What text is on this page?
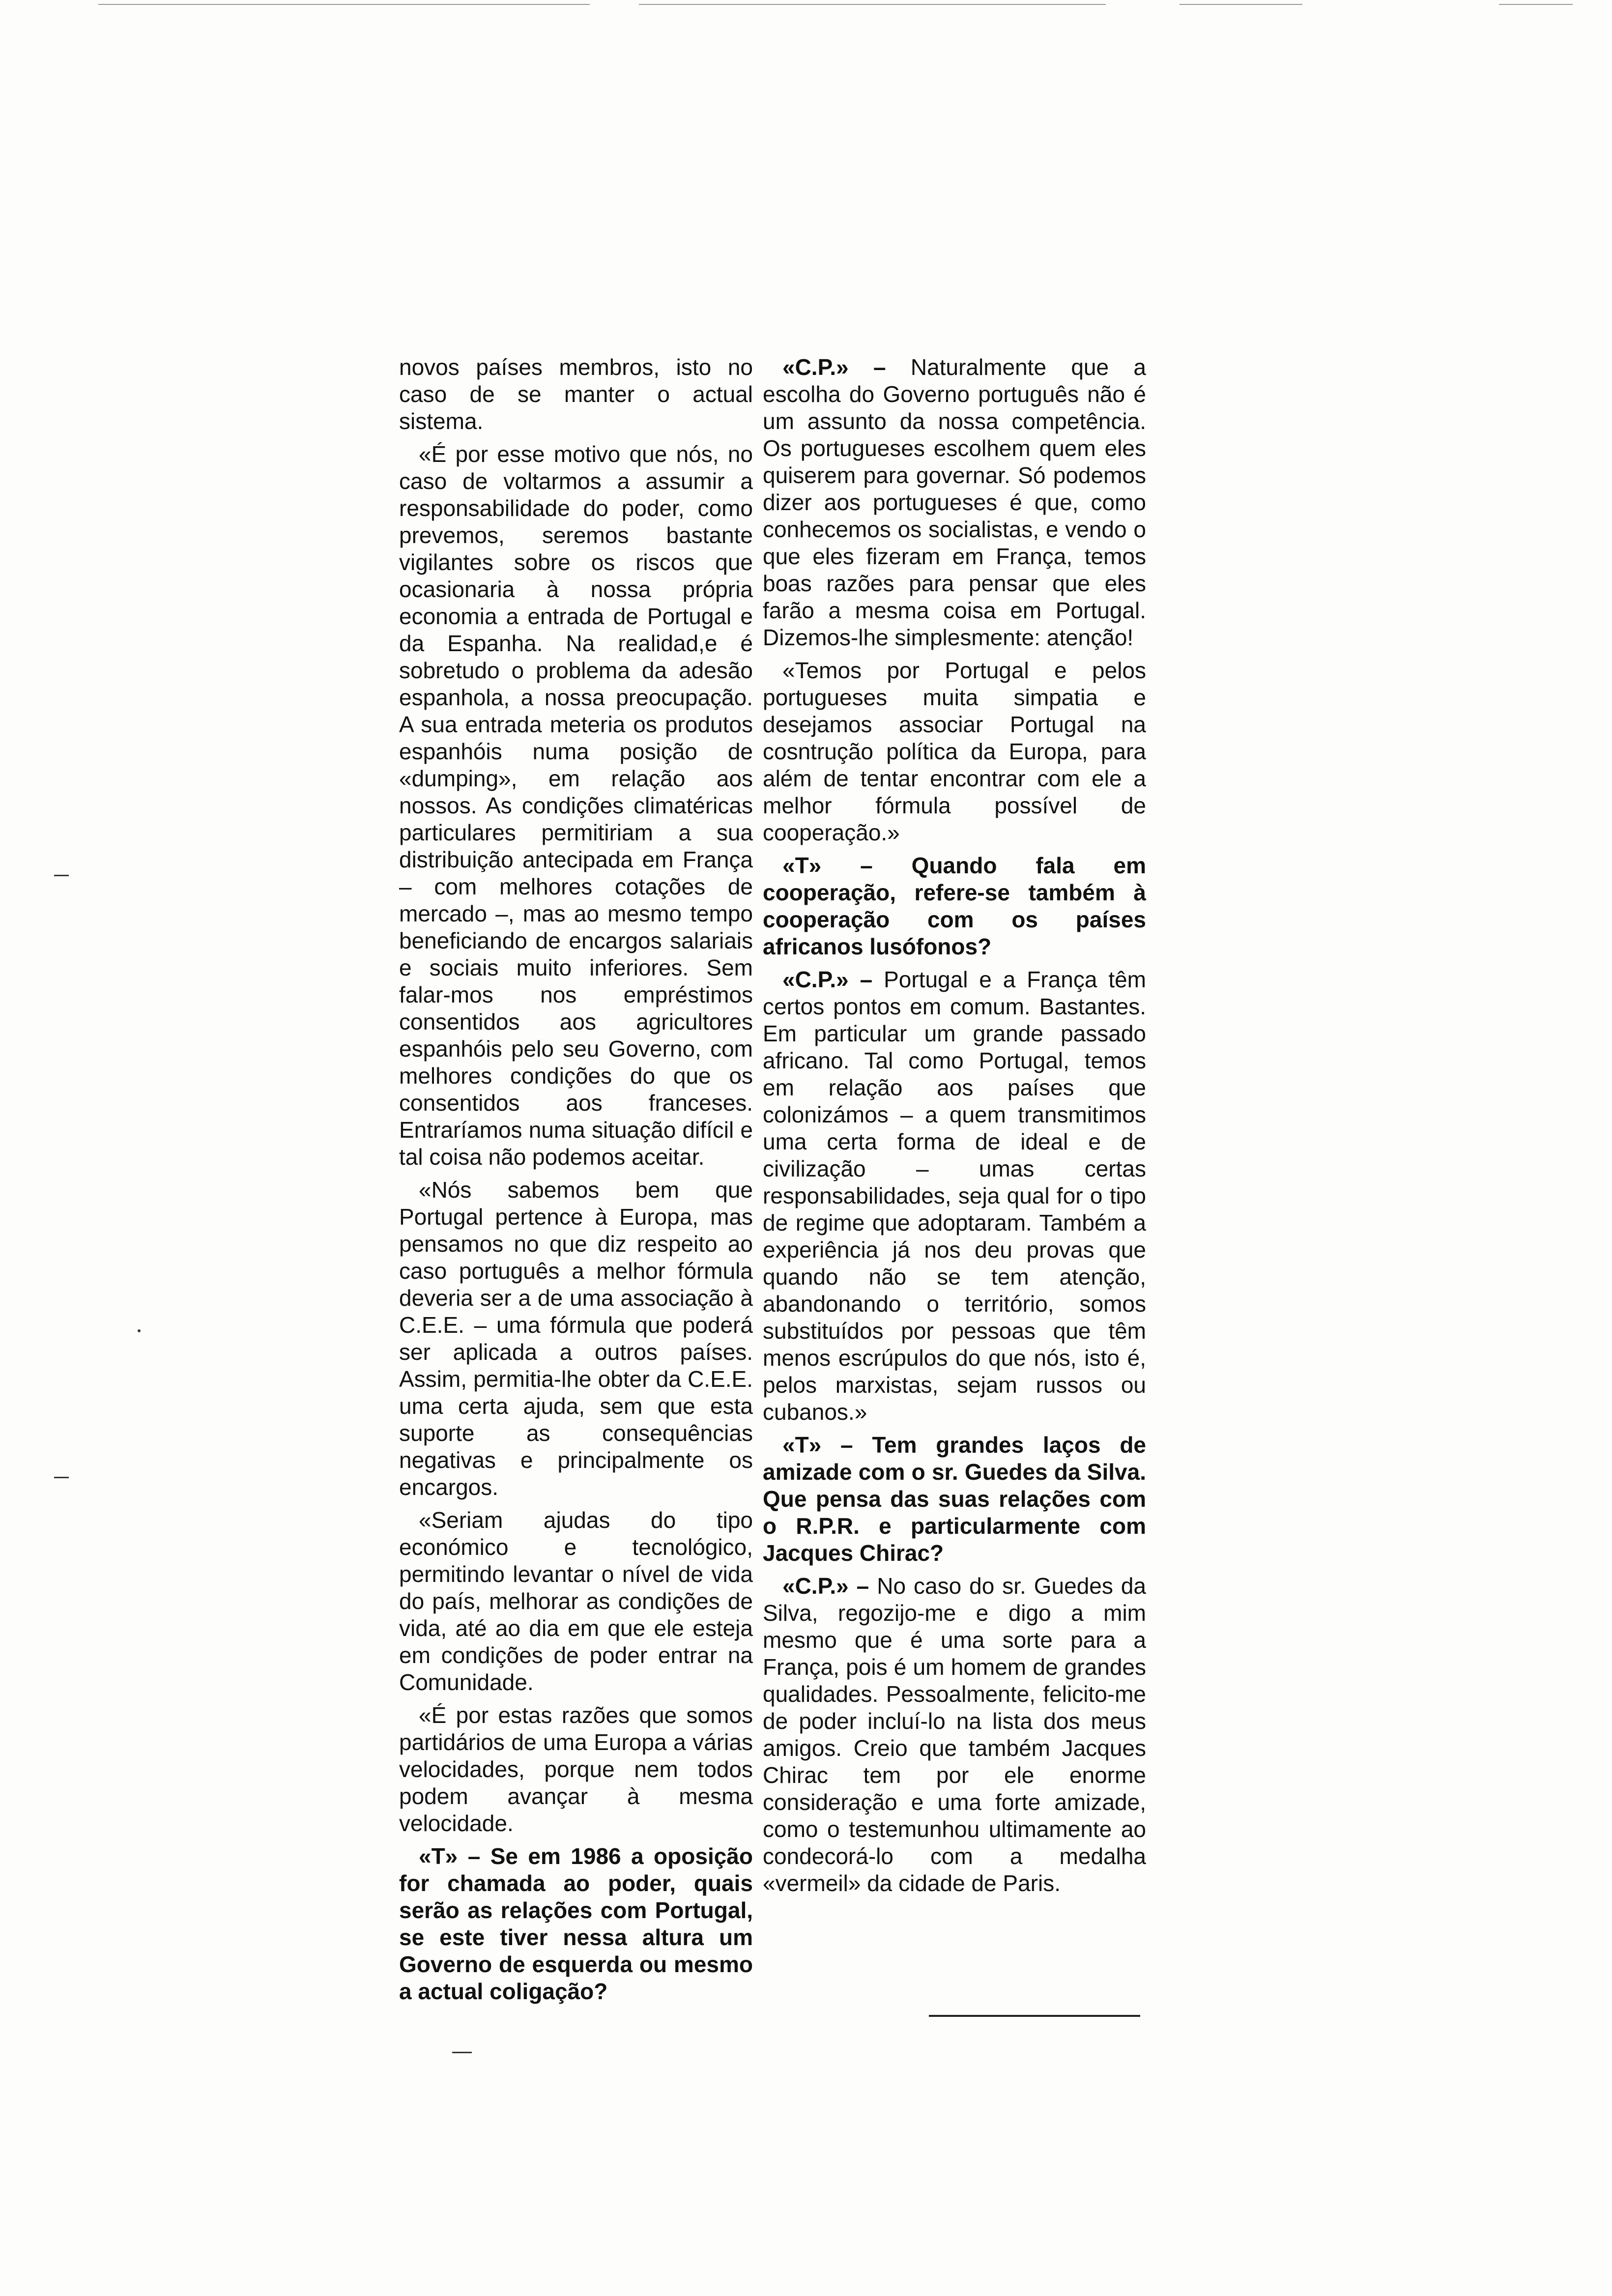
novos países membros, isto no caso de se manter o actual sistema.

«É por esse motivo que nós, no caso de voltarmos a assumir a responsabilidade do poder, como prevemos, seremos bastante vigilantes sobre os riscos que ocasionaria à nossa própria economia a entrada de Portugal e da Espanha. Na realidad,e é sobretudo o problema da adesão espanhola, a nossa preocupação. A sua entrada meteria os produtos espanhóis numa posição de «dumping», em relação aos nossos. As condições climatéricas particulares permitiriam a sua distribuição antecipada em França – com melhores cotações de mercado –, mas ao mesmo tempo beneficiando de encargos salariais e sociais muito inferiores. Sem falar-mos nos empréstimos consentidos aos agricultores espanhóis pelo seu Governo, com melhores condições do que os consentidos aos franceses. Entraríamos numa situação difícil e tal coisa não podemos aceitar.

«Nós sabemos bem que Portugal pertence à Europa, mas pensamos no que diz respeito ao caso português a melhor fórmula deveria ser a de uma associação à C.E.E. – uma fórmula que poderá ser aplicada a outros países. Assim, permitia-lhe obter da C.E.E. uma certa ajuda, sem que esta suporte as consequências negativas e principalmente os encargos.

«Seriam ajudas do tipo económico e tecnológico, permitindo levantar o nível de vida do país, melhorar as condições de vida, até ao dia em que ele esteja em condições de poder entrar na Comunidade.

«É por estas razões que somos partidários de uma Europa a várias velocidades, porque nem todos podem avançar à mesma velocidade.

«T» – Se em 1986 a oposição for chamada ao poder, quais serão as relações com Portugal, se este tiver nessa altura um Governo de esquerda ou mesmo a actual coligação?

«C.P.» – Naturalmente que a escolha do Governo português não é um assunto da nossa competência. Os portugueses escolhem quem eles quiserem para governar. Só podemos dizer aos portugueses é que, como conhecemos os socialistas, e vendo o que eles fizeram em França, temos boas razões para pensar que eles farão a mesma coisa em Portugal. Dizemos-lhe simplesmente: atenção!

«Temos por Portugal e pelos portugueses muita simpatia e desejamos associar Portugal na cosntrução política da Europa, para além de tentar encontrar com ele a melhor fórmula possível de cooperação.»

«T» – Quando fala em cooperação, refere-se também à cooperação com os países africanos lusófonos?

«C.P.» – Portugal e a França têm certos pontos em comum. Bastantes. Em particular um grande passado africano. Tal como Portugal, temos em relação aos países que colonizámos – a quem transmitimos uma certa forma de ideal e de civilização – umas certas responsabilidades, seja qual for o tipo de regime que adoptaram. Também a experiência já nos deu provas que quando não se tem atenção, abandonando o território, somos substituídos por pessoas que têm menos escrúpulos do que nós, isto é, pelos marxistas, sejam russos ou cubanos.»

«T» – Tem grandes laços de amizade com o sr. Guedes da Silva. Que pensa das suas relações com o R.P.R. e particularmente com Jacques Chirac?

«C.P.» – No caso do sr. Guedes da Silva, regozijo-me e digo a mim mesmo que é uma sorte para a França, pois é um homem de grandes qualidades. Pessoalmente, felicito-me de poder incluí-lo na lista dos meus amigos. Creio que também Jacques Chirac tem por ele enorme consideração e uma forte amizade, como o testemunhou ultimamente ao condecorá-lo com a medalha «vermeil» da cidade de Paris.
